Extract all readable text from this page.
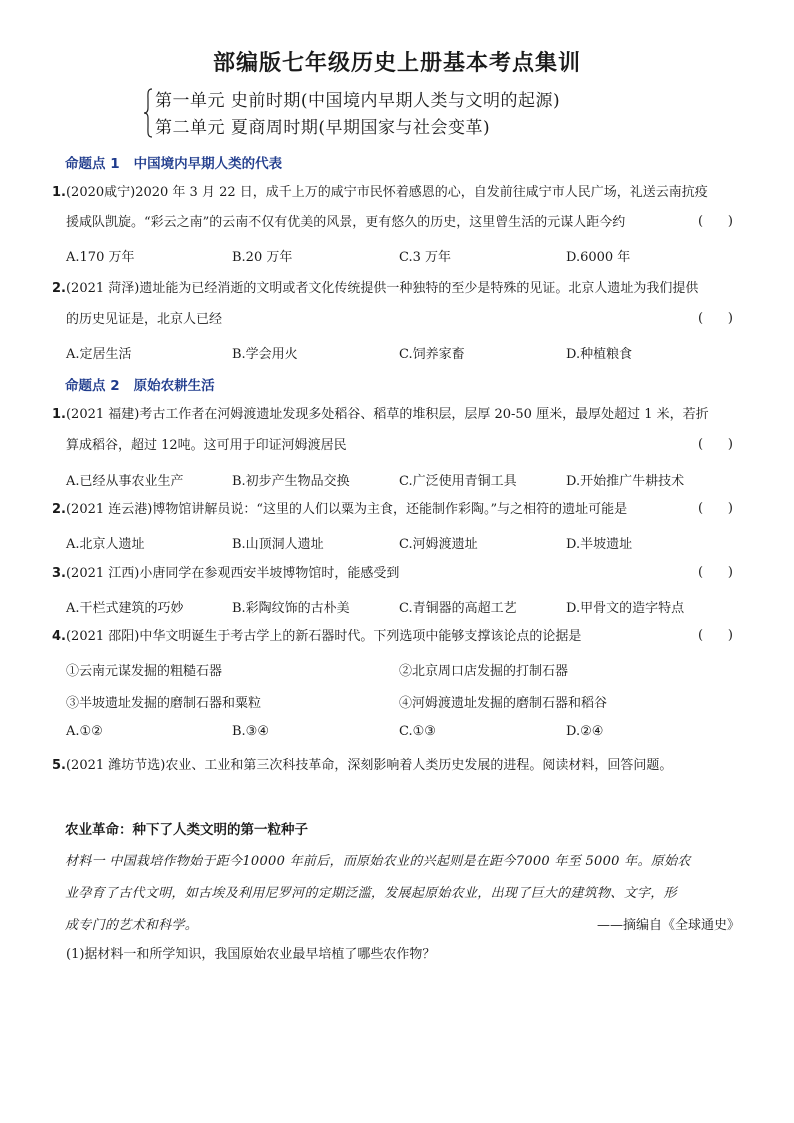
部编版七年级历史上册基本考点集训
第一单元 史前时期(中国境内早期人类与文明的起源)
第二单元 夏商周时期(早期国家与社会变革)
命题点 1 中国境内早期人类的代表
1.(2020咸宁)2020 年 3 月 22 日，成千上万的咸宁市民怀着感恩的心，自发前往咸宁市人民广场，礼送云南抗疫
援咸队凯旋。“彩云之南”的云南不仅有优美的风景，更有悠久的历史，这里曾生活的元谋人距今约	(      )
A.170 万年	B.20 万年	C.3 万年	D.6000 年
2.(2021 菏泽)遗址能为已经消逝的文明或者文化传统提供一种独特的至少是特殊的见证。北京人遗址为我们提供
的历史见证是，北京人已经	(      )
A.定居生活	B.学会用火	C.饲养家畜	D.种植粮食
命题点 2 原始农耕生活
1.(2021 福建)考古工作者在河姆渡遗址发现多处稻谷、稻草的堆积层，层厚 20-50 厘米，最厚处超过 1 米，若折
算成稻谷，超过 12吨。这可用于印证河姆渡居民	(      )
A.已经从事农业生产	B.初步产生物品交换	C.广泛使用青铜工具	D.开始推广牛耕技术
2.(2021 连云港)博物馆讲解员说：“这里的人们以粟为主食，还能制作彩陶。”与之相符的遗址可能是	(      )
A.北京人遗址	B.山顶洞人遗址	C.河姆渡遗址	D.半坡遗址
3.(2021 江西)小唐同学在参观西安半坡博物馆时，能感受到	(      )
A.干栏式建筑的巧妙	B.彩陶纹饰的古朴美	C.青铜器的高超工艺	D.甲骨文的造字特点
4.(2021 邵阳)中华文明诞生于考古学上的新石器时代。下列选项中能够支撑该论点的论据是	(      )
①云南元谋发掘的粗糙石器	②北京周口店发掘的打制石器
③半坡遗址发掘的磨制石器和粟粒	④河姆渡遗址发掘的磨制石器和稻谷
A.①②	B.③④	C.①③	D.②④
5.(2021 潍坊节选)农业、工业和第三次科技革命，深刻影响着人类历史发展的进程。阅读材料，回答问题。
农业革命：种下了人类文明的第一粒种子
材料一 中国栽培作物始于距今10000 年前后，而原始农业的兴起则是在距今7000 年至 5000 年。原始农
业孕育了古代文明，如古埃及利用尼罗河的定期泛滥，发展起原始农业，出现了巨大的建筑物、文字，形
成专门的艺术和科学。	——摘编自《全球通史》
(1)据材料一和所学知识，我国原始农业最早培植了哪些农作物？
